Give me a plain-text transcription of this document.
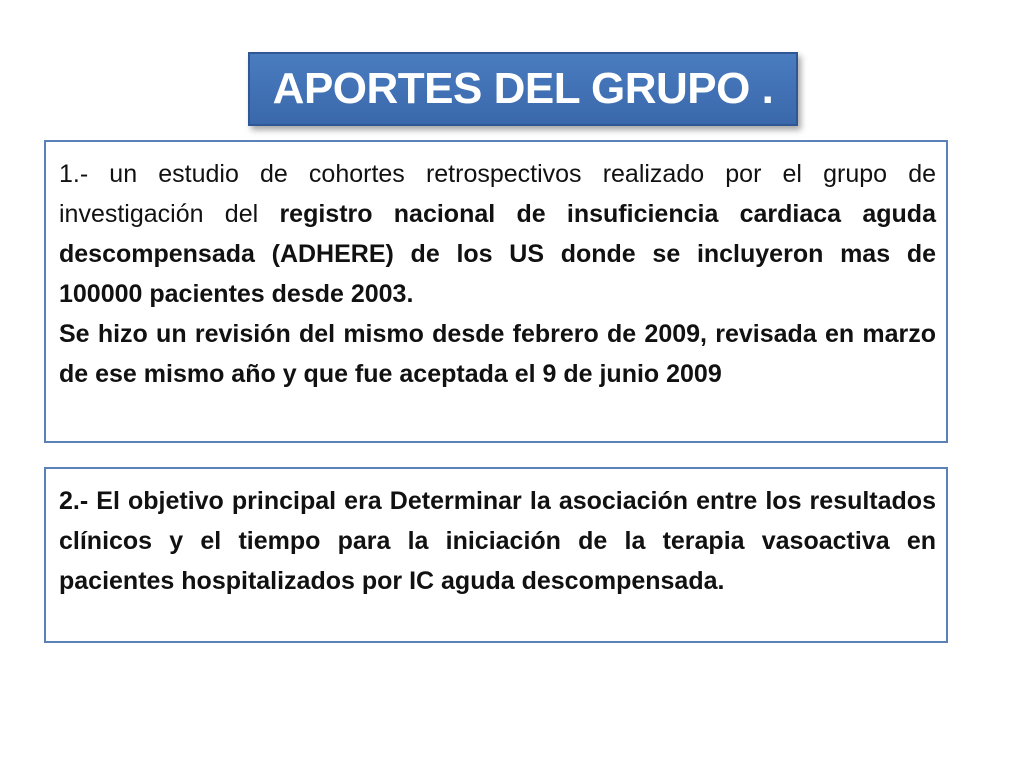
APORTES DEL GRUPO .

1.- un estudio de cohortes retrospectivos realizado por el grupo de investigación del registro nacional de insuficiencia cardiaca aguda descompensada (ADHERE) de los US donde se incluyeron mas de 100000 pacientes desde 2003.

Se hizo un revisión del mismo desde febrero de 2009, revisada en marzo de ese mismo año y que fue aceptada el 9 de junio 2009

2.- El objetivo principal era Determinar la asociación entre los resultados clínicos y el tiempo para la iniciación de la terapia vasoactiva en pacientes hospitalizados por IC aguda descompensada.
